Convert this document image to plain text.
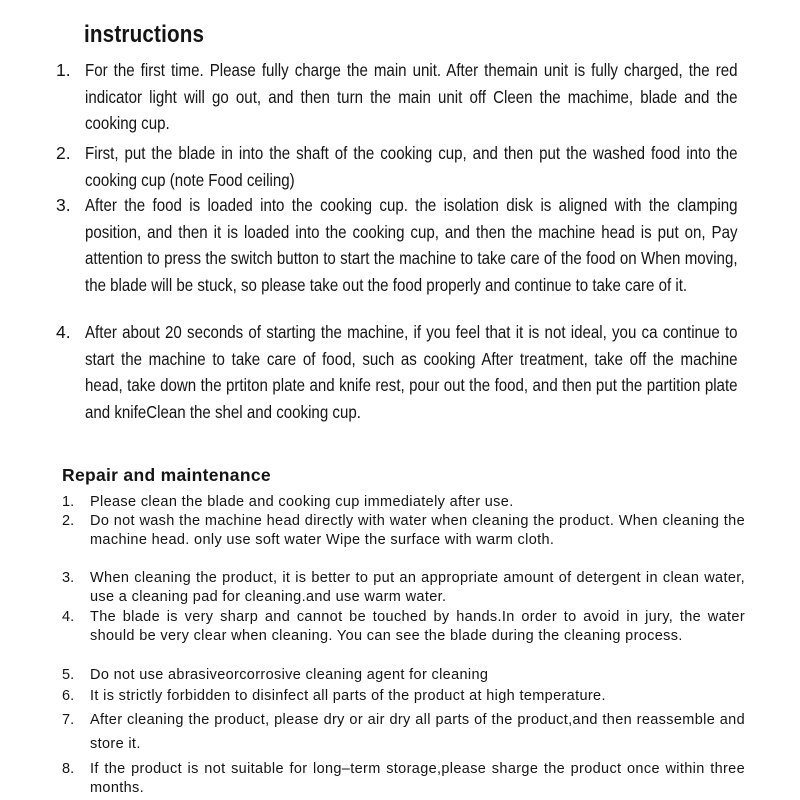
instructions
1. For the first time. Please fully charge the main unit. After themain unit is fully charged, the red indicator light will go out, and then turn the main unit off Cleen the machime, blade and the cooking cup.
2. First, put the blade in into the shaft of the cooking cup, and then put the washed food into the cooking cup (note Food ceiling)
3. After the food is loaded into the cooking cup. the isolation disk is aligned with the clamping position, and then it is loaded into the cooking cup, and then the machine head is put on, Pay attention to press the switch button to start the machine to take care of the food on When moving, the blade will be stuck, so please take out the food properly and continue to take care of it.
4. After about 20 seconds of starting the machine, if you feel that it is not ideal, you ca continue to start the machine to take care of food, such as cooking After treatment, take off the machine head, take down the prtiton plate and knife rest, pour out the food, and then put the partition plate and knifeClean the shel and cooking cup.
Repair and maintenance
1. Please clean the blade and cooking cup immediately after use.
2. Do not wash the machine head directly with water when cleaning the product. When cleaning the machine head. only use soft water Wipe the surface with warm cloth.
3. When cleaning the product, it is better to put an appropriate amount of detergent in clean water, use a cleaning pad for cleaning.and use warm water.
4. The blade is very sharp and cannot be touched by hands.In order to avoid in jury, the water should be very clear when cleaning. You can see the blade during the cleaning process.
5. Do not use abrasiveorcorrosive cleaning agent for cleaning
6. It is strictly forbidden to disinfect all parts of the product at high temperature.
7. After cleaning the product, please dry or air dry all parts of the product,and then reassemble and store it.
8. If the product is not suitable for long–term storage,please sharge the product once within three months.
